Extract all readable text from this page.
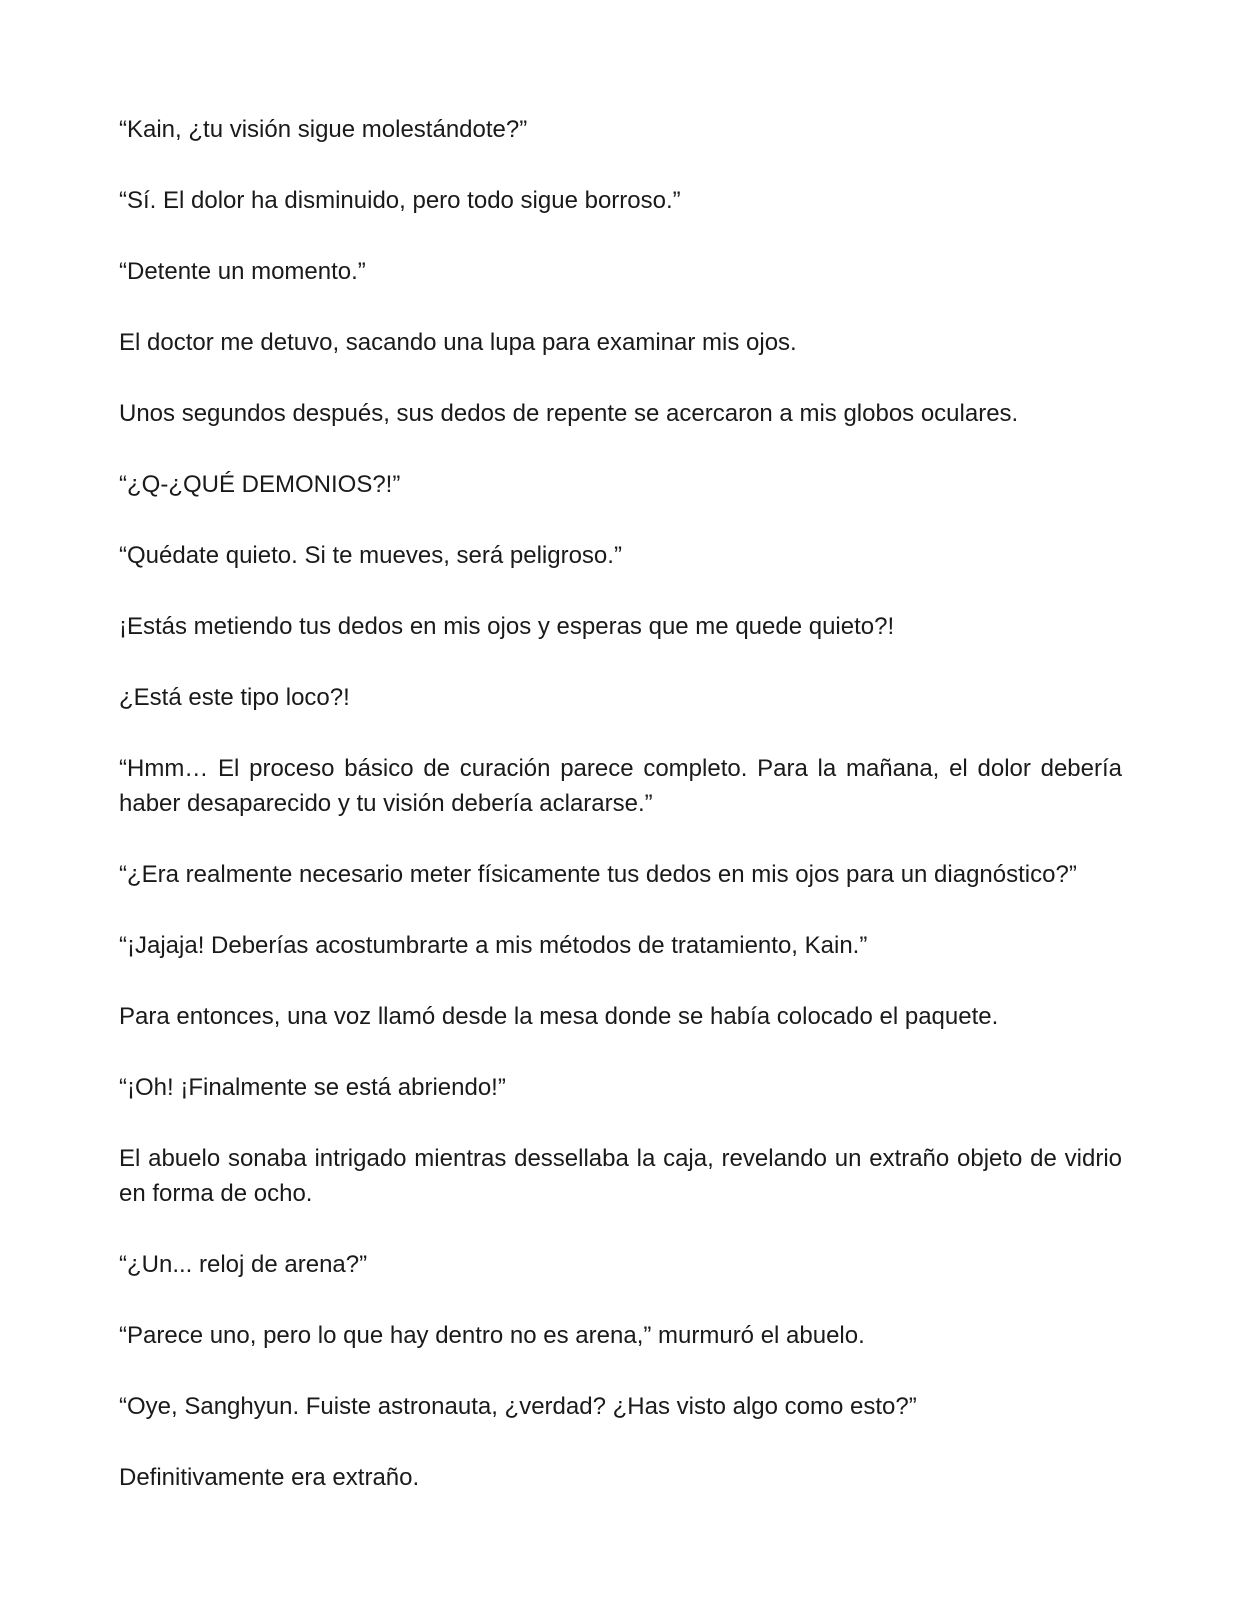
“Kain, ¿tu visión sigue molestándote?”

“Sí. El dolor ha disminuido, pero todo sigue borroso.”

“Detente un momento.”

El doctor me detuvo, sacando una lupa para examinar mis ojos.

Unos segundos después, sus dedos de repente se acercaron a mis globos oculares.

“¿Q-¿QUÉ DEMONIOS?!”

“Quédate quieto. Si te mueves, será peligroso.”

¡Estás metiendo tus dedos en mis ojos y esperas que me quede quieto?!

¿Está este tipo loco?!

“Hmm… El proceso básico de curación parece completo. Para la mañana, el dolor debería haber desaparecido y tu visión debería aclararse.”

“¿Era realmente necesario meter físicamente tus dedos en mis ojos para un diagnóstico?”

“¡Jajaja! Deberías acostumbrarte a mis métodos de tratamiento, Kain.”

Para entonces, una voz llamó desde la mesa donde se había colocado el paquete.

“¡Oh! ¡Finalmente se está abriendo!”

El abuelo sonaba intrigado mientras dessellaba la caja, revelando un extraño objeto de vidrio en forma de ocho.

“¿Un... reloj de arena?”

“Parece uno, pero lo que hay dentro no es arena,” murmuró el abuelo.

“Oye, Sanghyun. Fuiste astronauta, ¿verdad? ¿Has visto algo como esto?”

Definitivamente era extraño.
